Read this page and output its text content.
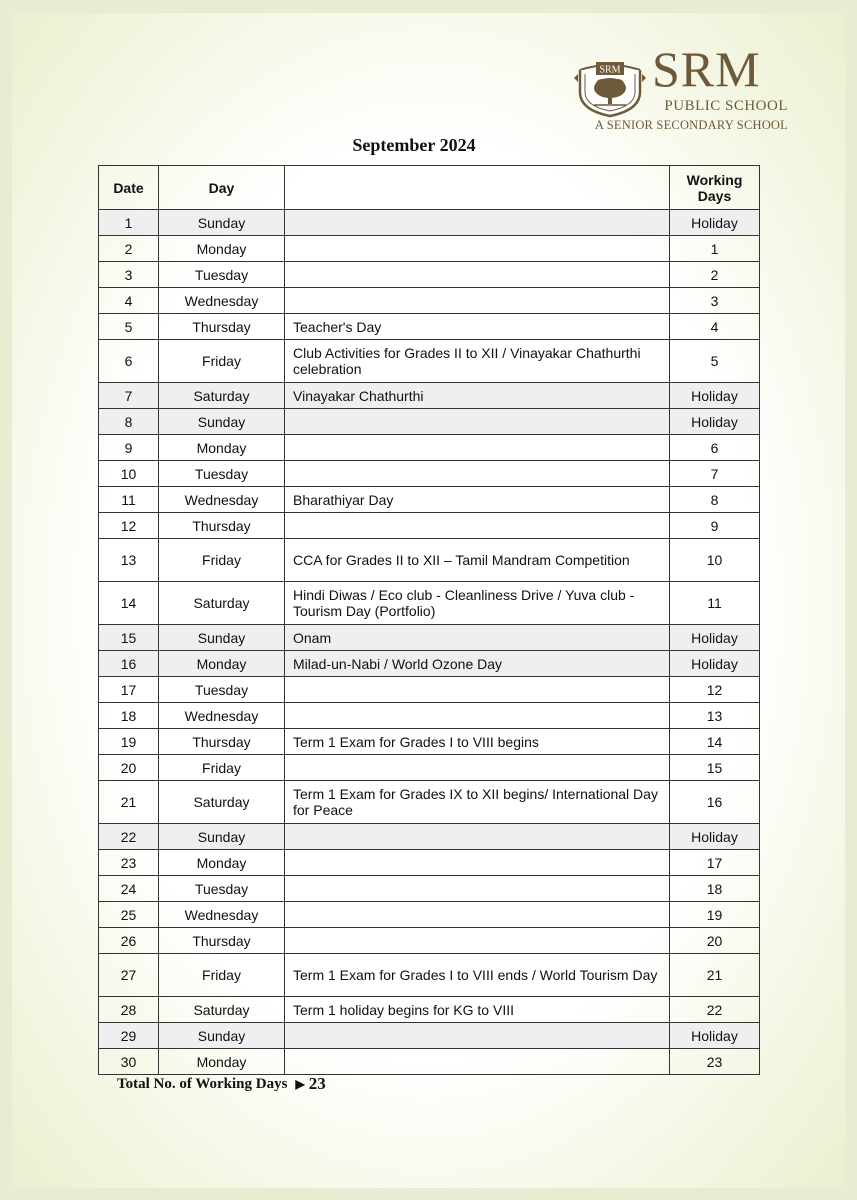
SRM SRM
PUBLIC SCHOOL
A SENIOR SECONDARY SCHOOL
September 2024
Date	Day		Working Days
1	Sunday		Holiday
2	Monday		1
3	Tuesday		2
4	Wednesday		3
5	Thursday	Teacher's Day	4
6	Friday	Club Activities for Grades II to XII / Vinayakar Chathurthi celebration	5
7	Saturday	Vinayakar Chathurthi	Holiday
8	Sunday		Holiday
9	Monday		6
10	Tuesday		7
11	Wednesday	Bharathiyar Day	8
12	Thursday		9
13	Friday	CCA for Grades II to XII – Tamil Mandram Competition	10
14	Saturday	Hindi Diwas / Eco club - Cleanliness Drive / Yuva club - Tourism Day (Portfolio)	11
15	Sunday	Onam	Holiday
16	Monday	Milad-un-Nabi / World Ozone Day	Holiday
17	Tuesday		12
18	Wednesday		13
19	Thursday	Term 1 Exam for Grades I to VIII begins	14
20	Friday		15
21	Saturday	Term 1 Exam for Grades IX to XII begins/ International Day for Peace	16
22	Sunday		Holiday
23	Monday		17
24	Tuesday		18
25	Wednesday		19
26	Thursday		20
27	Friday	Term 1 Exam for Grades I to VIII ends / World Tourism Day	21
28	Saturday	Term 1 holiday begins for KG to VIII	22
29	Sunday		Holiday
30	Monday		23
Total No. of Working Days ▶ 23
